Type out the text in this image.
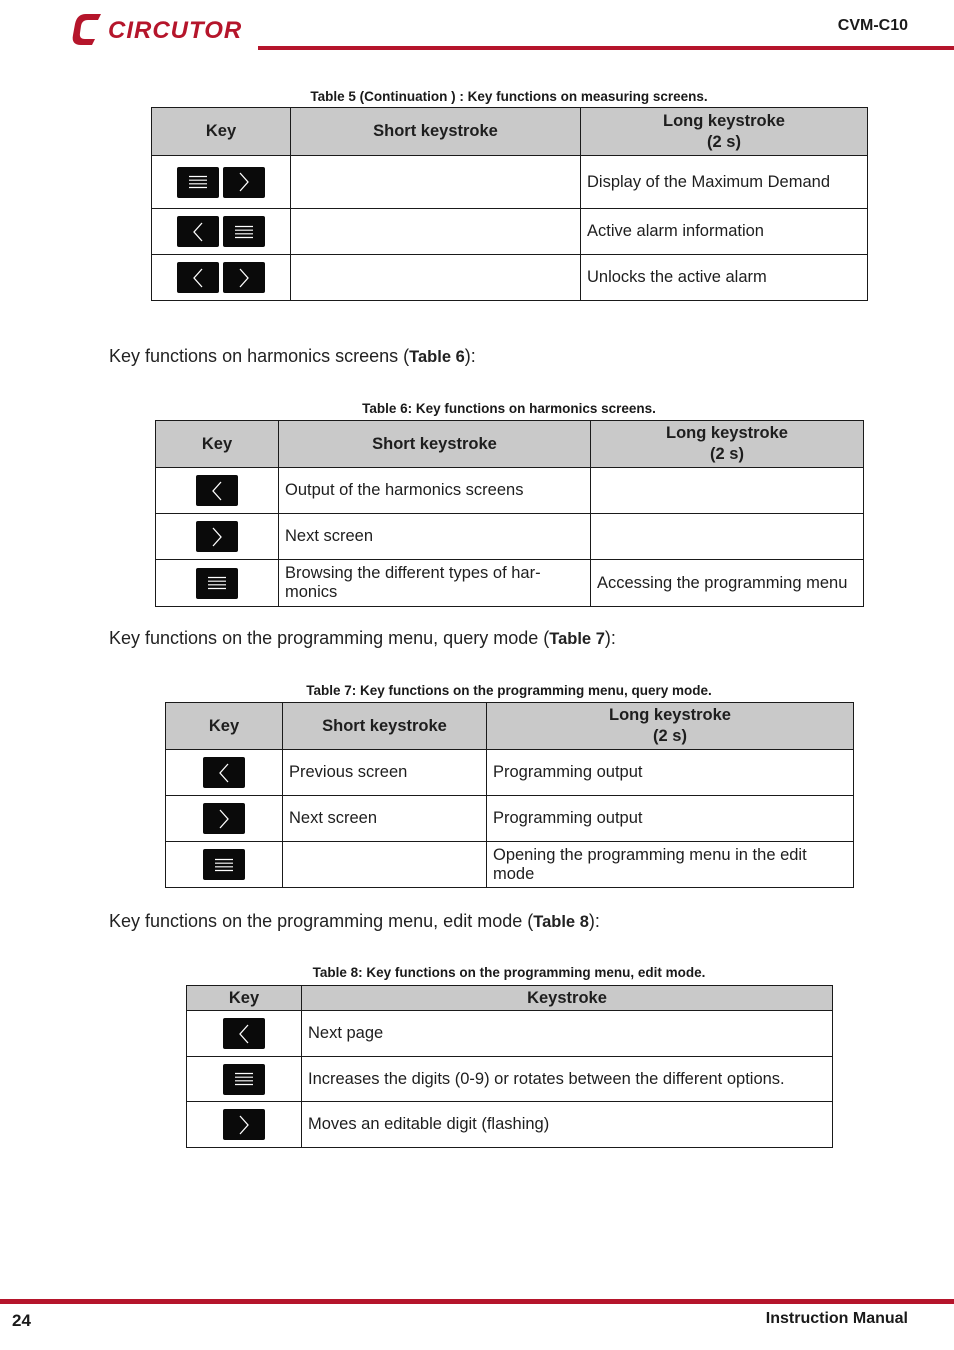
CIRCUTOR	CVM-C10
Table 5 (Continuation ) : Key functions on measuring screens.
Key	Short keystroke	Long keystroke
(2 s)

		Display of the Maximum Demand

		Active alarm information

		Unlocks the active alarm
Key functions on harmonics screens (Table 6):
Table 6: Key functions on harmonics screens.
Key	Short keystroke	Long keystroke
(2 s)

	Output of the harmonics screens	

	Next screen	

	Browsing the different types of har-monics	Accessing the programming menu
Key functions on the programming menu, query mode (Table 7):
Table 7: Key functions on the programming menu, query mode.
Key	Short keystroke	Long keystroke
(2 s)

	Previous screen	Programming output

	Next screen	Programming output

		Opening the programming menu in the edit mode
Key functions on the programming menu, edit mode (Table 8):
Table 8: Key functions on the programming menu, edit mode.
Key	Keystroke

	Next page

	Increases the digits (0-9) or rotates between the different options.

	Moves an editable digit (flashing)
24	Instruction Manual
